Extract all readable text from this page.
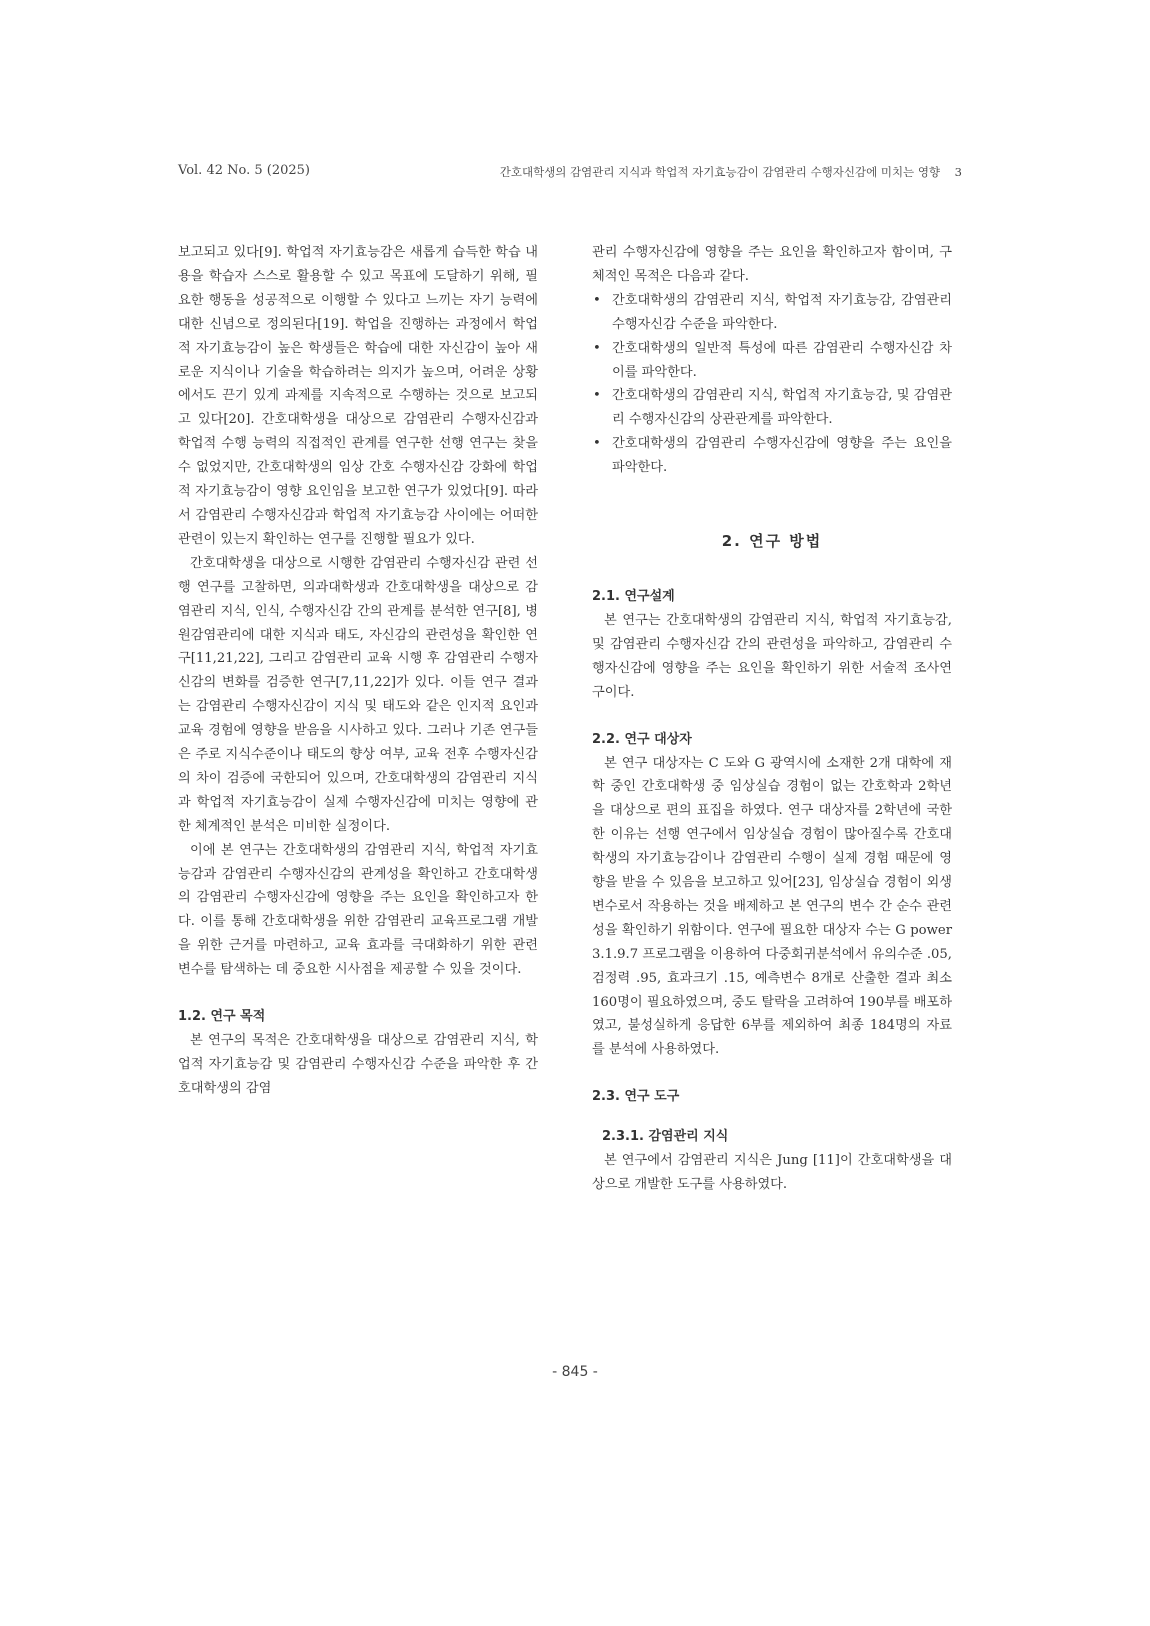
Vol. 42 No. 5 (2025)	간호대학생의 감염관리 지식과 학업적 자기효능감이 감염관리 수행자신감에 미치는 영향 3

보고되고 있다[9]. 학업적 자기효능감은 새롭게 습득한 학습 내용을 학습자 스스로 활용할 수 있고 목표에 도달하기 위해, 필요한 행동을 성공적으로 이행할 수 있다고 느끼는 자기 능력에 대한 신념으로 정의된다[19]. 학업을 진행하는 과정에서 학업적 자기효능감이 높은 학생들은 학습에 대한 자신감이 높아 새로운 지식이나 기술을 학습하려는 의지가 높으며, 어려운 상황에서도 끈기 있게 과제를 지속적으로 수행하는 것으로 보고되고 있다[20]. 간호대학생을 대상으로 감염관리 수행자신감과 학업적 수행 능력의 직접적인 관계를 연구한 선행 연구는 찾을 수 없었지만, 간호대학생의 임상 간호 수행자신감 강화에 학업적 자기효능감이 영향 요인임을 보고한 연구가 있었다[9]. 따라서 감염관리 수행자신감과 학업적 자기효능감 사이에는 어떠한 관련이 있는지 확인하는 연구를 진행할 필요가 있다.

간호대학생을 대상으로 시행한 감염관리 수행자신감 관련 선행 연구를 고찰하면, 의과대학생과 간호대학생을 대상으로 감염관리 지식, 인식, 수행자신감 간의 관계를 분석한 연구[8], 병원감염관리에 대한 지식과 태도, 자신감의 관련성을 확인한 연구[11,21,22], 그리고 감염관리 교육 시행 후 감염관리 수행자신감의 변화를 검증한 연구[7,11,22]가 있다. 이들 연구 결과는 감염관리 수행자신감이 지식 및 태도와 같은 인지적 요인과 교육 경험에 영향을 받음을 시사하고 있다. 그러나 기존 연구들은 주로 지식수준이나 태도의 향상 여부, 교육 전후 수행자신감의 차이 검증에 국한되어 있으며, 간호대학생의 감염관리 지식과 학업적 자기효능감이 실제 수행자신감에 미치는 영향에 관한 체계적인 분석은 미비한 실정이다.

이에 본 연구는 간호대학생의 감염관리 지식, 학업적 자기효능감과 감염관리 수행자신감의 관계성을 확인하고 간호대학생의 감염관리 수행자신감에 영향을 주는 요인을 확인하고자 한다. 이를 통해 간호대학생을 위한 감염관리 교육프로그램 개발을 위한 근거를 마련하고, 교육 효과를 극대화하기 위한 관련 변수를 탐색하는 데 중요한 시사점을 제공할 수 있을 것이다.

1.2. 연구 목적

본 연구의 목적은 간호대학생을 대상으로 감염관리 지식, 학업적 자기효능감 및 감염관리 수행자신감 수준을 파악한 후 간호대학생의 감염

관리 수행자신감에 영향을 주는 요인을 확인하고자 함이며, 구체적인 목적은 다음과 같다.

• 간호대학생의 감염관리 지식, 학업적 자기효능감, 감염관리 수행자신감 수준을 파악한다.
• 간호대학생의 일반적 특성에 따른 감염관리 수행자신감 차이를 파악한다.
• 간호대학생의 감염관리 지식, 학업적 자기효능감, 및 감염관리 수행자신감의 상관관계를 파악한다.
• 간호대학생의 감염관리 수행자신감에 영향을 주는 요인을 파악한다.
2. 연구 방법
2.1. 연구설계

본 연구는 간호대학생의 감염관리 지식, 학업적 자기효능감, 및 감염관리 수행자신감 간의 관련성을 파악하고, 감염관리 수행자신감에 영향을 주는 요인을 확인하기 위한 서술적 조사연구이다.

2.2. 연구 대상자

본 연구 대상자는 C 도와 G 광역시에 소재한 2개 대학에 재학 중인 간호대학생 중 임상실습 경험이 없는 간호학과 2학년을 대상으로 편의 표집을 하였다. 연구 대상자를 2학년에 국한한 이유는 선행 연구에서 임상실습 경험이 많아질수록 간호대학생의 자기효능감이나 감염관리 수행이 실제 경험 때문에 영향을 받을 수 있음을 보고하고 있어[23], 임상실습 경험이 외생변수로서 작용하는 것을 배제하고 본 연구의 변수 간 순수 관련성을 확인하기 위함이다. 연구에 필요한 대상자 수는 G power 3.1.9.7 프로그램을 이용하여 다중회귀분석에서 유의수준 .05, 검정력 .95, 효과크기 .15, 예측변수 8개로 산출한 결과 최소 160명이 필요하였으며, 중도 탈락을 고려하여 190부를 배포하였고, 불성실하게 응답한 6부를 제외하여 최종 184명의 자료를 분석에 사용하였다.

2.3. 연구 도구
2.3.1. 감염관리 지식

본 연구에서 감염관리 지식은 Jung [11]이 간호대학생을 대상으로 개발한 도구를 사용하였다.

- 845 -
